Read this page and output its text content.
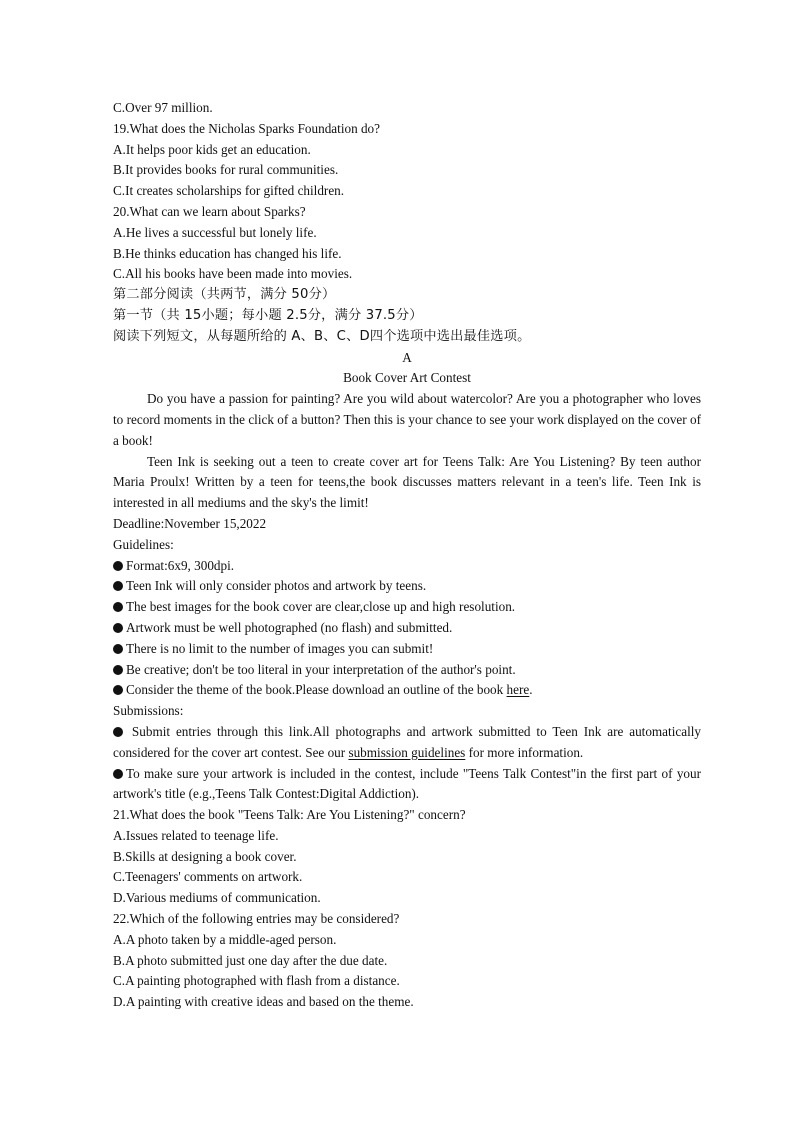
C.Over 97 million.
19.What does the Nicholas Sparks Foundation do?
A.It helps poor kids get an education.
B.It provides books for rural communities.
C.It creates scholarships for gifted children.
20.What can we learn about Sparks?
A.He lives a successful but lonely life.
B.He thinks education has changed his life.
C.All his books have been made into movies.
第二部分阅读（共两节，满分 50分）
第一节（共 15小题；每小题 2.5分，满分 37.5分）
阅读下列短文，从每题所给的 A、B、C、D四个选项中选出最佳选项。
A
Book Cover Art Contest
Do you have a passion for painting? Are you wild about watercolor? Are you a photographer who loves to record moments in the click of a button? Then this is your chance to see your work displayed on the cover of a book!
Teen Ink is seeking out a teen to create cover art for Teens Talk: Are You Listening? By teen author Maria Proulx! Written by a teen for teens,the book discusses matters relevant in a teen's life. Teen Ink is interested in all mediums and the sky's the limit!
Deadline:November 15,2022
Guidelines:
Format:6x9, 300dpi.
Teen Ink will only consider photos and artwork by teens.
The best images for the book cover are clear,close up and high resolution.
Artwork must be well photographed (no flash) and submitted.
There is no limit to the number of images you can submit!
Be creative; don't be too literal in your interpretation of the author's point.
Consider the theme of the book.Please download an outline of the book here.
Submissions:
Submit entries through this link.All photographs and artwork submitted to Teen Ink are automatically considered for the cover art contest. See our submission guidelines for more information.
To make sure your artwork is included in the contest, include "Teens Talk Contest"in the first part of your artwork's title (e.g.,Teens Talk Contest:Digital Addiction).
21.What does the book "Teens Talk: Are You Listening?" concern?
A.Issues related to teenage life.
B.Skills at designing a book cover.
C.Teenagers' comments on artwork.
D.Various mediums of communication.
22.Which of the following entries may be considered?
A.A photo taken by a middle-aged person.
B.A photo submitted just one day after the due date.
C.A painting photographed with flash from a distance.
D.A painting with creative ideas and based on the theme.
